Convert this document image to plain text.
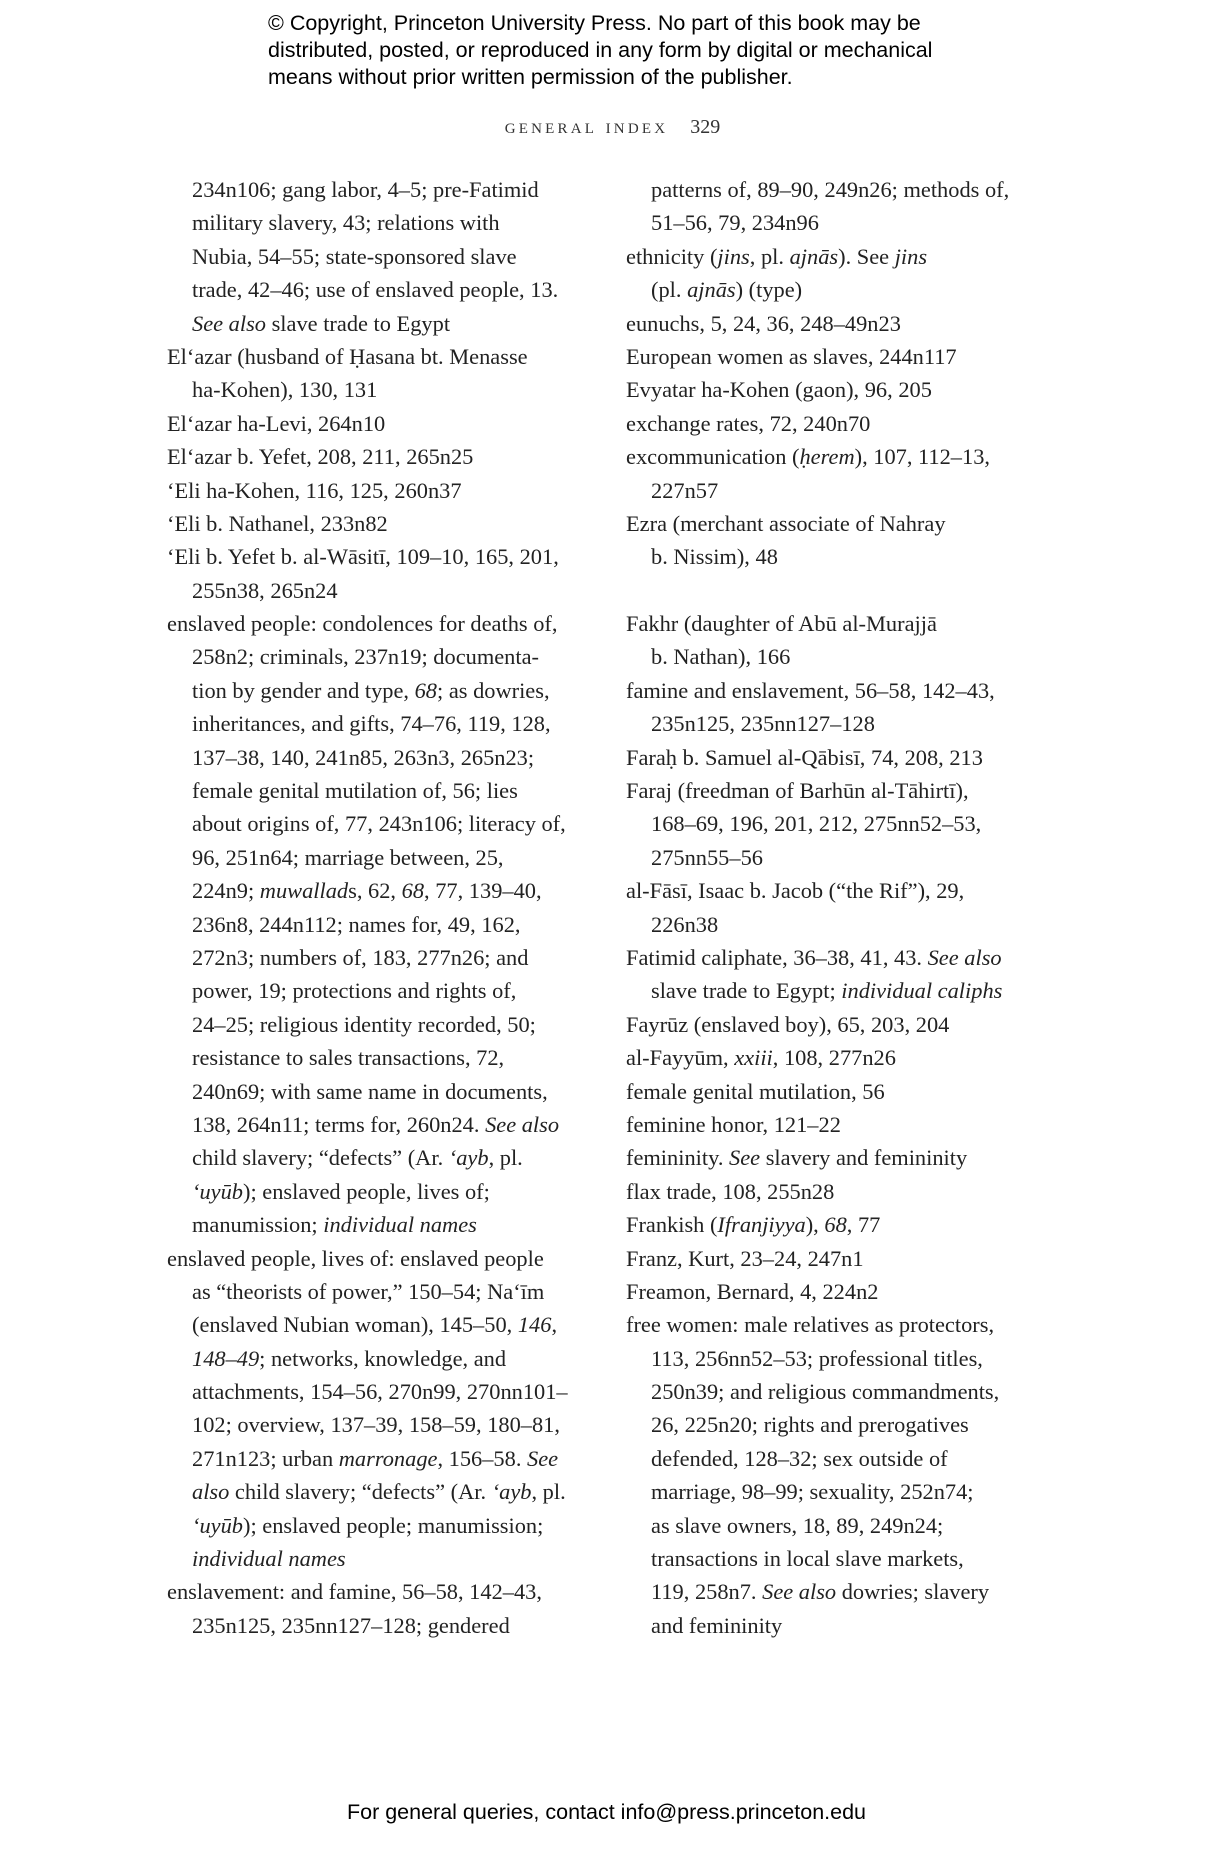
© Copyright, Princeton University Press. No part of this book may be
distributed, posted, or reproduced in any form by digital or mechanical
means without prior written permission of the publisher.
general index 329
234n106; gang labor, 4–5; pre-Fatimid
military slavery, 43; relations with
Nubia, 54–55; state-sponsored slave
trade, 42–46; use of enslaved people, 13.
See also slave trade to Egypt
El‘azar (husband of Ḥasana bt. Menasse
ha-Kohen), 130, 131
El‘azar ha-Levi, 264n10
El‘azar b. Yefet, 208, 211, 265n25
‘Eli ha-Kohen, 116, 125, 260n37
‘Eli b. Nathanel, 233n82
‘Eli b. Yefet b. al-Wāsitī, 109–10, 165, 201,
255n38, 265n24
enslaved people: condolences for deaths of,
258n2; criminals, 237n19; documenta-
tion by gender and type, 68; as dowries,
inheritances, and gifts, 74–76, 119, 128,
137–38, 140, 241n85, 263n3, 265n23;
female genital mutilation of, 56; lies
about origins of, 77, 243n106; literacy of,
96, 251n64; marriage between, 25,
224n9; muwallads, 62, 68, 77, 139–40,
236n8, 244n112; names for, 49, 162,
272n3; numbers of, 183, 277n26; and
power, 19; protections and rights of,
24–25; religious identity recorded, 50;
resistance to sales transactions, 72,
240n69; with same name in documents,
138, 264n11; terms for, 260n24. See also
child slavery; “defects” (Ar. ‘ayb, pl.
‘uyūb); enslaved people, lives of;
manumission; individual names
enslaved people, lives of: enslaved people
as “theorists of power,” 150–54; Na‘īm
(enslaved Nubian woman), 145–50, 146,
148–49; networks, knowledge, and
attachments, 154–56, 270n99, 270nn101–
102; overview, 137–39, 158–59, 180–81,
271n123; urban marronage, 156–58. See
also child slavery; “defects” (Ar. ‘ayb, pl.
‘uyūb); enslaved people; manumission;
individual names
enslavement: and famine, 56–58, 142–43,
235n125, 235nn127–128; gendered
patterns of, 89–90, 249n26; methods of,
51–56, 79, 234n96
ethnicity (jins, pl. ajnās). See jins
(pl. ajnās) (type)
eunuchs, 5, 24, 36, 248–49n23
European women as slaves, 244n117
Evyatar ha-Kohen (gaon), 96, 205
exchange rates, 72, 240n70
excommunication (ḥerem), 107, 112–13,
227n57
Ezra (merchant associate of Nahray
b. Nissim), 48
Fakhr (daughter of Abū al-Murajjā
b. Nathan), 166
famine and enslavement, 56–58, 142–43,
235n125, 235nn127–128
Faraḥ b. Samuel al-Qābisī, 74, 208, 213
Faraj (freedman of Barhūn al-Tāhirtī),
168–69, 196, 201, 212, 275nn52–53,
275nn55–56
al-Fāsī, Isaac b. Jacob (“the Rif”), 29,
226n38
Fatimid caliphate, 36–38, 41, 43. See also
slave trade to Egypt; individual caliphs
Fayrūz (enslaved boy), 65, 203, 204
al-Fayyūm, xxiii, 108, 277n26
female genital mutilation, 56
feminine honor, 121–22
femininity. See slavery and femininity
flax trade, 108, 255n28
Frankish (Ifranjiyya), 68, 77
Franz, Kurt, 23–24, 247n1
Freamon, Bernard, 4, 224n2
free women: male relatives as protectors,
113, 256nn52–53; professional titles,
250n39; and religious commandments,
26, 225n20; rights and prerogatives
defended, 128–32; sex outside of
marriage, 98–99; sexuality, 252n74;
as slave owners, 18, 89, 249n24;
transactions in local slave markets,
119, 258n7. See also dowries; slavery
and femininity
For general queries, contact info@press.princeton.edu
